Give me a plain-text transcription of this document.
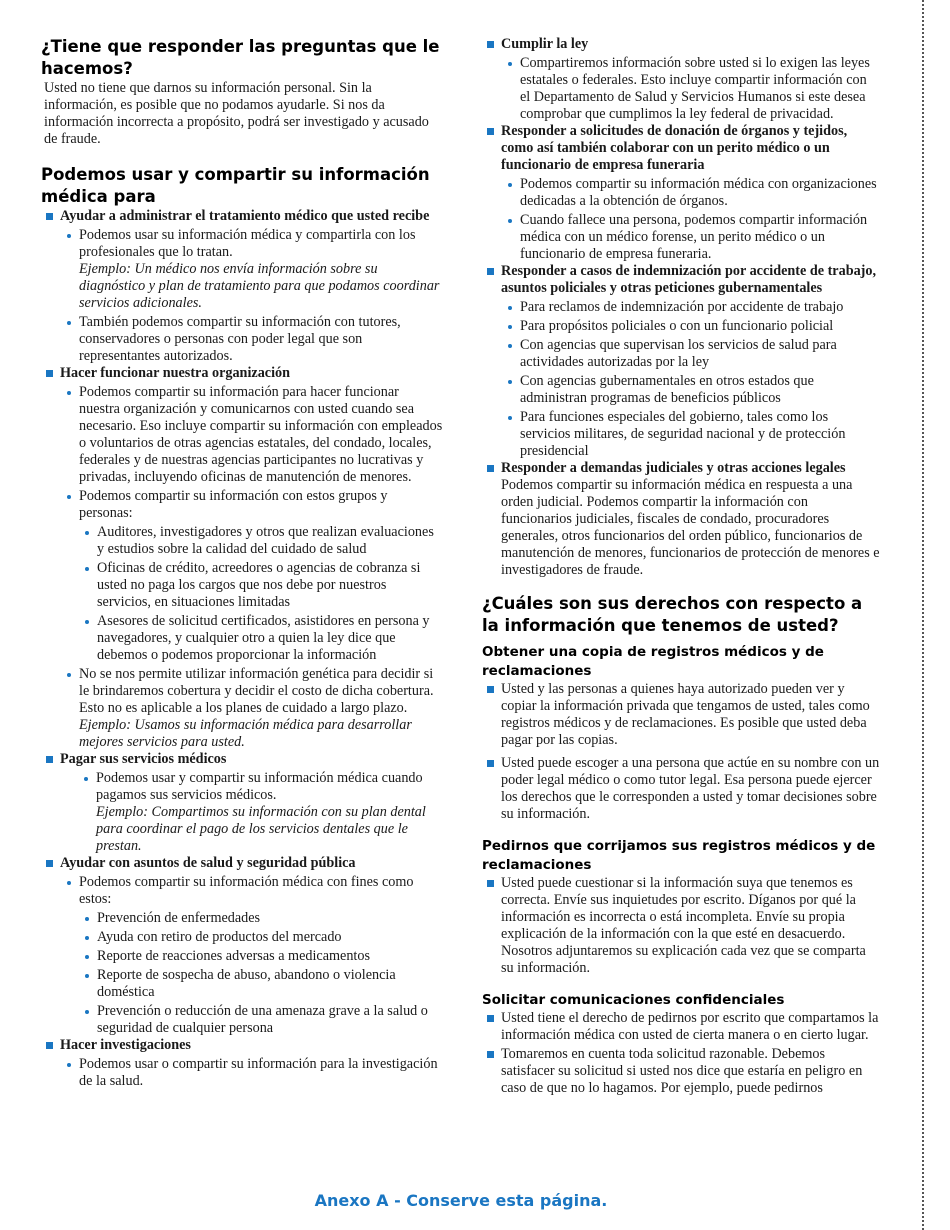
¿Tiene que responder las preguntas que le hacemos?

Usted no tiene que darnos su información personal. Sin la información, es posible que no podamos ayudarle. Si nos da información incorrecta a propósito, podrá ser investigado y acusado de fraude.

Podemos usar y compartir su información médica para
Ayudar a administrar el tratamiento médico que usted recibe
Podemos usar su información médica y compartirla con los profesionales que lo tratan.
Ejemplo: Un médico nos envía información sobre su diagnóstico y plan de tratamiento para que podamos coordinar servicios adicionales.
También podemos compartir su información con tutores, conservadores o personas con poder legal que son representantes autorizados.
Hacer funcionar nuestra organización
Podemos compartir su información para hacer funcionar nuestra organización y comunicarnos con usted cuando sea necesario. Eso incluye compartir su información con empleados o voluntarios de otras agencias estatales, del condado, locales, federales y de nuestras agencias participantes no lucrativas y privadas, incluyendo oficinas de manutención de menores.
Podemos compartir su información con estos grupos y personas:
Auditores, investigadores y otros que realizan evaluaciones y estudios sobre la calidad del cuidado de salud
Oficinas de crédito, acreedores o agencias de cobranza si usted no paga los cargos que nos debe por nuestros servicios, en situaciones limitadas
Asesores de solicitud certificados, asistidores en persona y navegadores, y cualquier otro a quien la ley dice que debemos o podemos proporcionar la información
No se nos permite utilizar información genética para decidir si le brindaremos cobertura y decidir el costo de dicha cobertura. Esto no es aplicable a los planes de cuidado a largo plazo. Ejemplo: Usamos su información médica para desarrollar mejores servicios para usted.
Pagar sus servicios médicos
Podemos usar y compartir su información médica cuando pagamos sus servicios médicos.
Ejemplo: Compartimos su información con su plan dental para coordinar el pago de los servicios dentales que le prestan.
Ayudar con asuntos de salud y seguridad pública
Podemos compartir su información médica con fines como estos:
Prevención de enfermedades
Ayuda con retiro de productos del mercado
Reporte de reacciones adversas a medicamentos
Reporte de sospecha de abuso, abandono o violencia doméstica
Prevención o reducción de una amenaza grave a la salud o seguridad de cualquier persona
Hacer investigaciones
Podemos usar o compartir su información para la investigación de la salud.
Cumplir la ley
Compartiremos información sobre usted si lo exigen las leyes estatales o federales. Esto incluye compartir información con el Departamento de Salud y Servicios Humanos si este desea comprobar que cumplimos la ley federal de privacidad.
Responder a solicitudes de donación de órganos y tejidos, como así también colaborar con un perito médico o un funcionario de empresa funeraria
Podemos compartir su información médica con organizaciones dedicadas a la obtención de órganos.
Cuando fallece una persona, podemos compartir información médica con un médico forense, un perito médico o un funcionario de empresa funeraria.
Responder a casos de indemnización por accidente de trabajo, asuntos policiales y otras peticiones gubernamentales
Para reclamos de indemnización por accidente de trabajo
Para propósitos policiales o con un funcionario policial
Con agencias que supervisan los servicios de salud para actividades autorizadas por la ley
Con agencias gubernamentales en otros estados que administran programas de beneficios públicos
Para funciones especiales del gobierno, tales como los servicios militares, de seguridad nacional y de protección presidencial
Responder a demandas judiciales y otras acciones legales

Podemos compartir su información médica en respuesta a una orden judicial. Podemos compartir la información con funcionarios judiciales, fiscales de condado, procuradores generales, otros funcionarios del orden público, funcionarios de manutención de menores, funcionarios de protección de menores e investigadores de fraude.

¿Cuáles son sus derechos con respecto a la información que tenemos de usted?
Obtener una copia de registros médicos y de reclamaciones
Usted y las personas a quienes haya autorizado pueden ver y copiar la información privada que tengamos de usted, tales como registros médicos y de reclamaciones. Es posible que usted deba pagar por las copias.
Usted puede escoger a una persona que actúe en su nombre con un poder legal médico o como tutor legal. Esa persona puede ejercer los derechos que le corresponden a usted y tomar decisiones sobre su información.
Pedirnos que corrijamos sus registros médicos y de reclamaciones
Usted puede cuestionar si la información suya que tenemos es correcta. Envíe sus inquietudes por escrito. Díganos por qué la información es incorrecta o está incompleta. Envíe su propia explicación de la información con la que esté en desacuerdo. Nosotros adjuntaremos su explicación cada vez que se comparta su información.
Solicitar comunicaciones confidenciales
Usted tiene el derecho de pedirnos por escrito que compartamos la información médica con usted de cierta manera o en cierto lugar.
Tomaremos en cuenta toda solicitud razonable. Debemos satisfacer su solicitud si usted nos dice que estaría en peligro en caso de que no lo hagamos. Por ejemplo, puede pedirnos
Anexo A - Conserve esta página.
